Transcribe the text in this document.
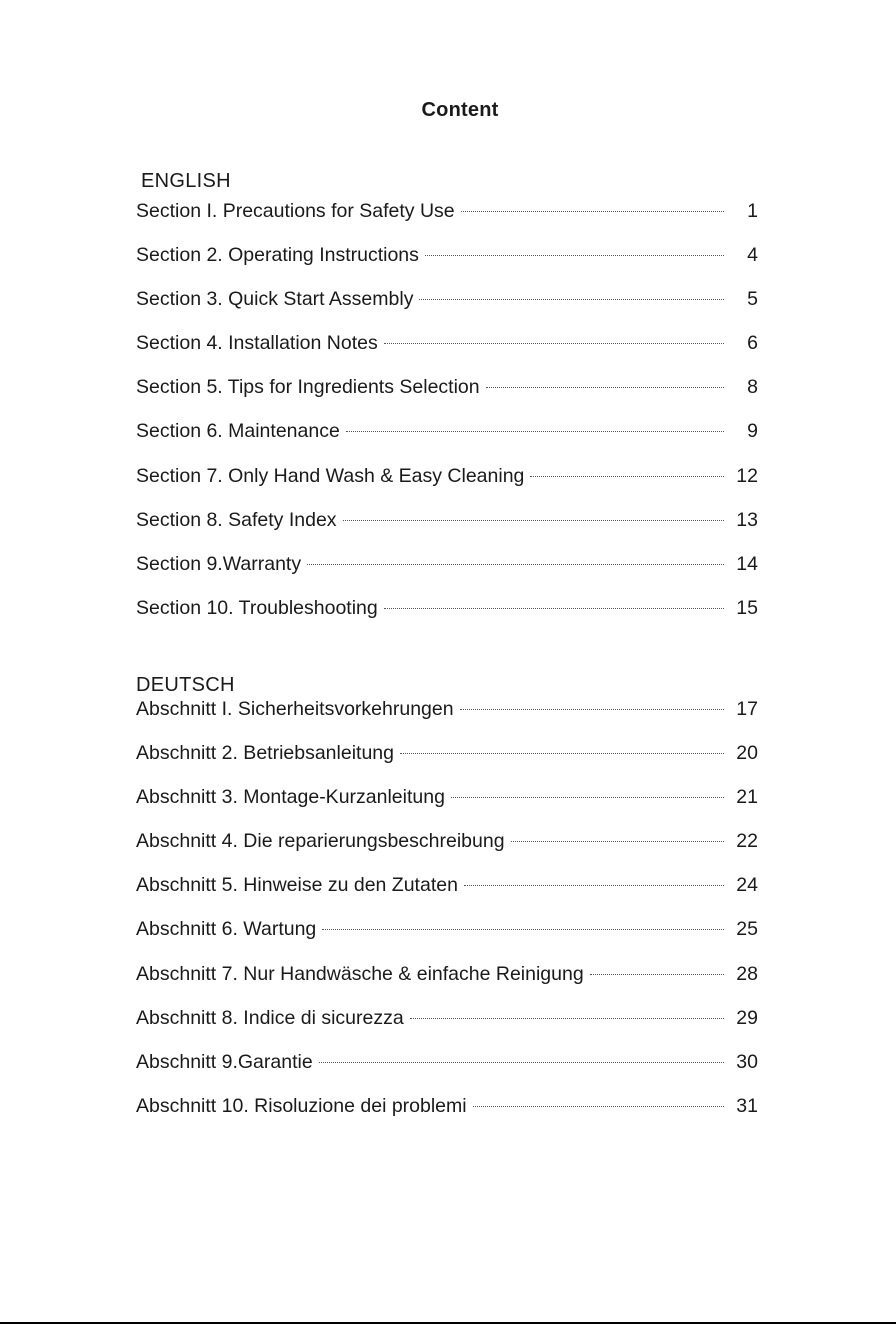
Content
ENGLISH
Section I. Precautions for Safety Use	1
Section 2. Operating Instructions	4
Section 3. Quick Start Assembly	5
Section 4. Installation Notes	6
Section 5. Tips for Ingredients Selection	8
Section 6. Maintenance	9
Section 7. Only Hand Wash & Easy Cleaning	12
Section 8. Safety Index	13
Section 9.Warranty	14
Section 10. Troubleshooting	15
DEUTSCH
Abschnitt I. Sicherheitsvorkehrungen	17
Abschnitt 2. Betriebsanleitung	20
Abschnitt 3. Montage-Kurzanleitung	21
Abschnitt 4. Die reparierungsbeschreibung	22
Abschnitt 5. Hinweise zu den Zutaten	24
Abschnitt 6. Wartung	25
Abschnitt 7. Nur Handwäsche & einfache Reinigung	28
Abschnitt 8. Indice di sicurezza	29
Abschnitt 9.Garantie	30
Abschnitt 10. Risoluzione dei problemi	31
